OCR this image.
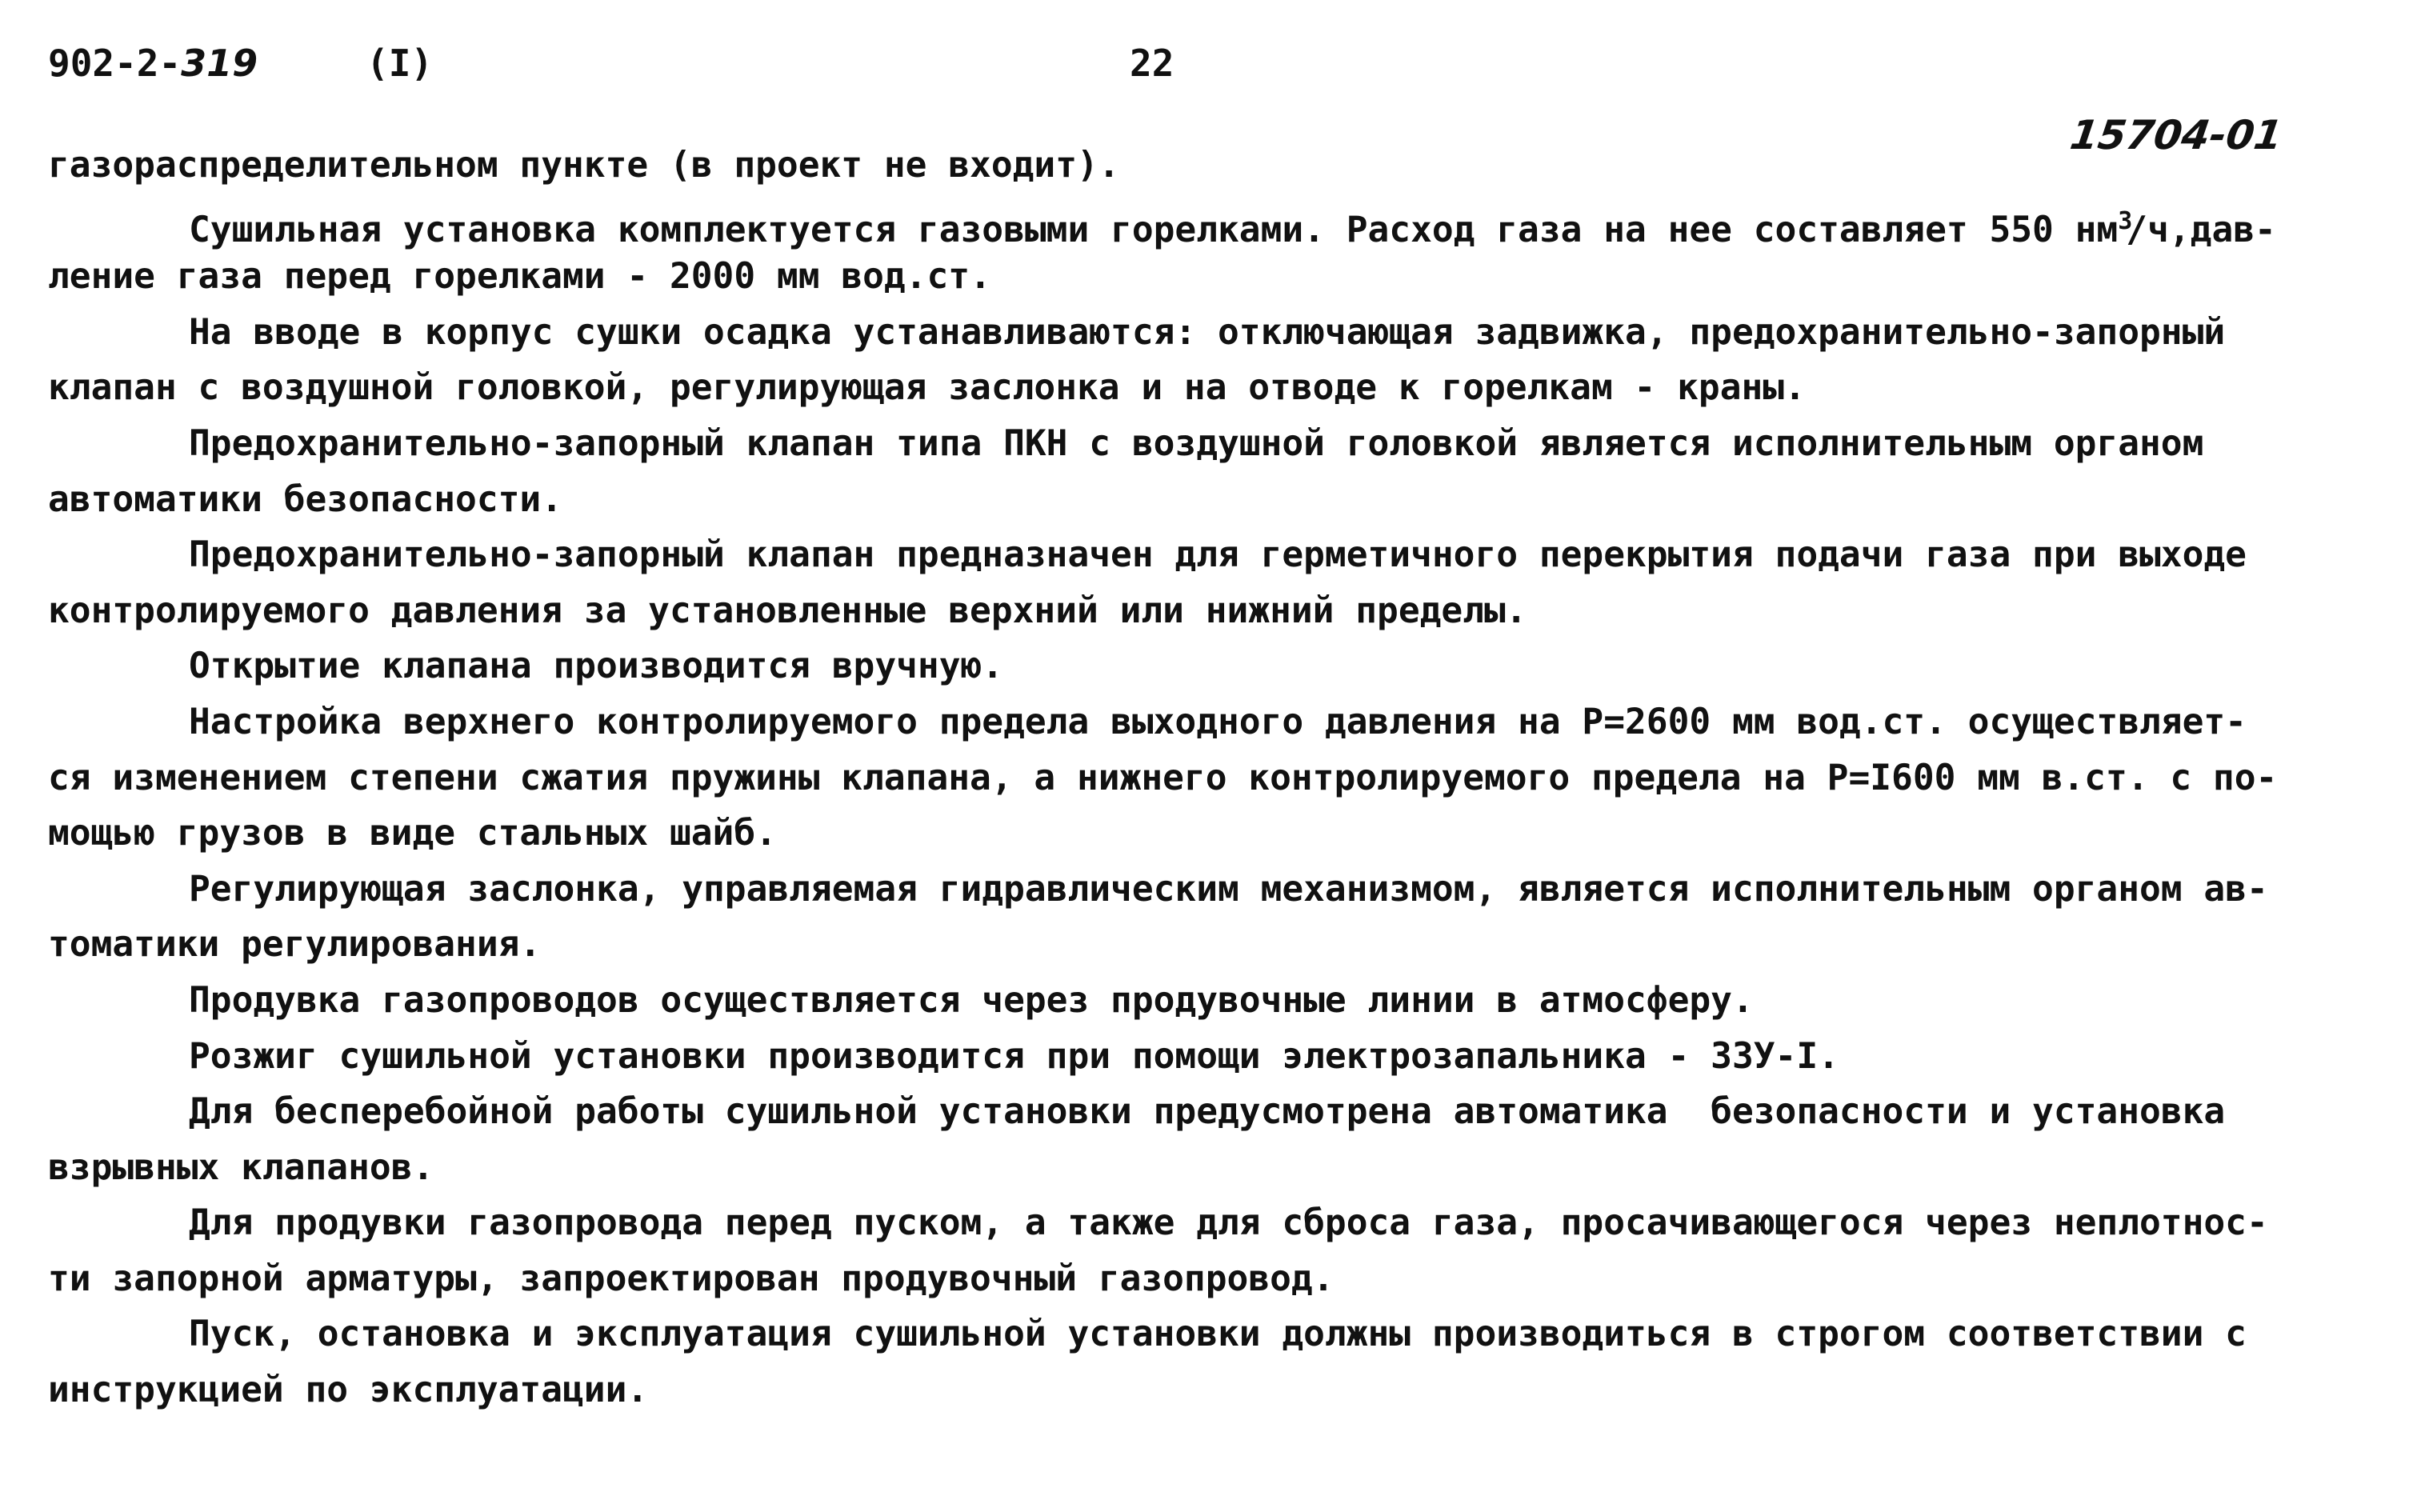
902-2-319	(I)	22
15704-01
газораспределительном пункте (в проект не входит).
Сушильная установка комплектуется газовыми горелками. Расход газа на нее составляет 550 $нм^3/ч,дав-$
ление газа перед горелками - 2000 мм вод.ст.
На вводе в корпус сушки осадка устанавливаются: отключающая задвижка, предохранительно-запорный
клапан с воздушной головкой, регулирующая заслонка и на отводе к горелкам - краны.
Предохранительно-запорный клапан типа ПКН с воздушной головкой является исполнительным органом
автоматики безопасности.
Предохранительно-запорный клапан предназначен для герметичного перекрытия подачи газа при выходе
контролируемого давления за установленные верхний или нижний пределы.
Открытие клапана производится вручную.
Настройка верхнего контролируемого предела выходного давления на Р=2600 мм вод.ст. осуществляет-
ся изменением степени сжатия пружины клапана, а нижнего контролируемого предела на Р=I600 мм в.ст. с по-
мощью грузов в виде стальных шайб.
Регулирующая заслонка, управляемая гидравлическим механизмом, является исполнительным органом ав-
томатики регулирования.
Продувка газопроводов осуществляется через продувочные линии в атмосферу.
Розжиг сушильной установки производится при помощи электрозапальника - ЗЗУ-I.
Для бесперебойной работы сушильной установки предусмотрена автоматика  безопасности и установка
взрывных клапанов.
Для продувки газопровода перед пуском, а также для сброса газа, просачивающегося через неплотнос-
ти запорной арматуры, запроектирован продувочный газопровод.
Пуск, остановка и эксплуатация сушильной установки должны производиться в строгом соответствии с
инструкцией по эксплуатации.
